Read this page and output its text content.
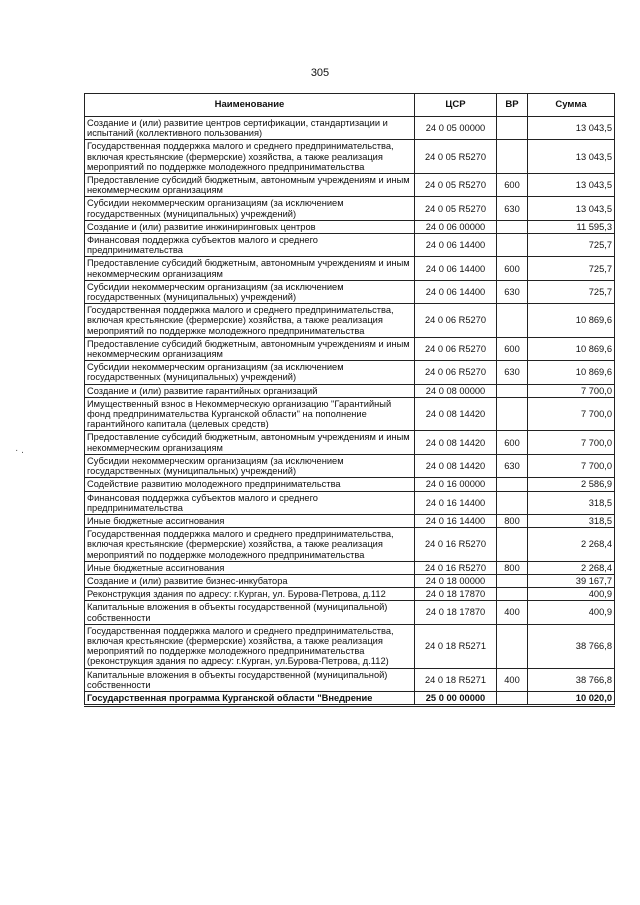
305
· .
Наименование	ЦСР	ВР	Сумма
Создание и (или) развитие центров сертификации, стандартизации и испытаний (коллективного пользования)	24 0 05 00000		13 043,5
Государственная поддержка малого и среднего предпринимательства, включая крестьянские (фермерские) хозяйства, а также реализация мероприятий по поддержке молодежного предпринимательства	24 0 05 R5270		13 043,5
Предоставление субсидий бюджетным, автономным учреждениям и иным некоммерческим организациям	24 0 05 R5270	600	13 043,5
Субсидии некоммерческим организациям (за исключением государственных (муниципальных) учреждений)	24 0 05 R5270	630	13 043,5
Создание и (или) развитие инжиниринговых центров	24 0 06 00000		11 595,3
Финансовая поддержка субъектов малого и среднего предпринимательства	24 0 06 14400		725,7
Предоставление субсидий бюджетным, автономным учреждениям и иным некоммерческим организациям	24 0 06 14400	600	725,7
Субсидии некоммерческим организациям (за исключением государственных (муниципальных) учреждений)	24 0 06 14400	630	725,7
Государственная поддержка малого и среднего предпринимательства, включая крестьянские (фермерские) хозяйства, а также реализация мероприятий по поддержке молодежного предпринимательства	24 0 06 R5270		10 869,6
Предоставление субсидий бюджетным, автономным учреждениям и иным некоммерческим организациям	24 0 06 R5270	600	10 869,6
Субсидии некоммерческим организациям (за исключением государственных (муниципальных) учреждений)	24 0 06 R5270	630	10 869,6
Создание и (или) развитие гарантийных организаций	24 0 08 00000		7 700,0
Имущественный взнос в Некоммерческую организацию "Гарантийный фонд предпринимательства Курганской области" на пополнение гарантийного капитала (целевых средств)	24 0 08 14420		7 700,0
Предоставление субсидий бюджетным, автономным учреждениям и иным некоммерческим организациям	24 0 08 14420	600	7 700,0
Субсидии некоммерческим организациям (за исключением государственных (муниципальных) учреждений)	24 0 08 14420	630	7 700,0
Содействие развитию молодежного предпринимательства	24 0 16 00000		2 586,9
Финансовая поддержка субъектов малого и среднего предпринимательства	24 0 16 14400		318,5
Иные бюджетные ассигнования	24 0 16 14400	800	318,5
Государственная поддержка малого и среднего предпринимательства, включая крестьянские (фермерские) хозяйства, а также реализация мероприятий по поддержке молодежного предпринимательства	24 0 16 R5270		2 268,4
Иные бюджетные ассигнования	24 0 16 R5270	800	2 268,4
Создание и (или) развитие бизнес-инкубатора	24 0 18 00000		39 167,7
Реконструкция здания по адресу: г.Курган, ул. Бурова-Петрова, д.112	24 0 18 17870		400,9
Капитальные вложения в объекты государственной (муниципальной) собственности	24 0 18 17870	400	400,9
Государственная поддержка малого и среднего предпринимательства, включая крестьянские (фермерские) хозяйства, а также реализация мероприятий по поддержке молодежного предпринимательства (реконструкция здания по адресу: г.Курган, ул.Бурова-Петрова, д.112)	24 0 18 R5271		38 766,8
Капитальные вложения в объекты государственной (муниципальной) собственности	24 0 18 R5271	400	38 766,8
Государственная программа Курганской области "Внедрение	25 0 00 00000		10 020,0
